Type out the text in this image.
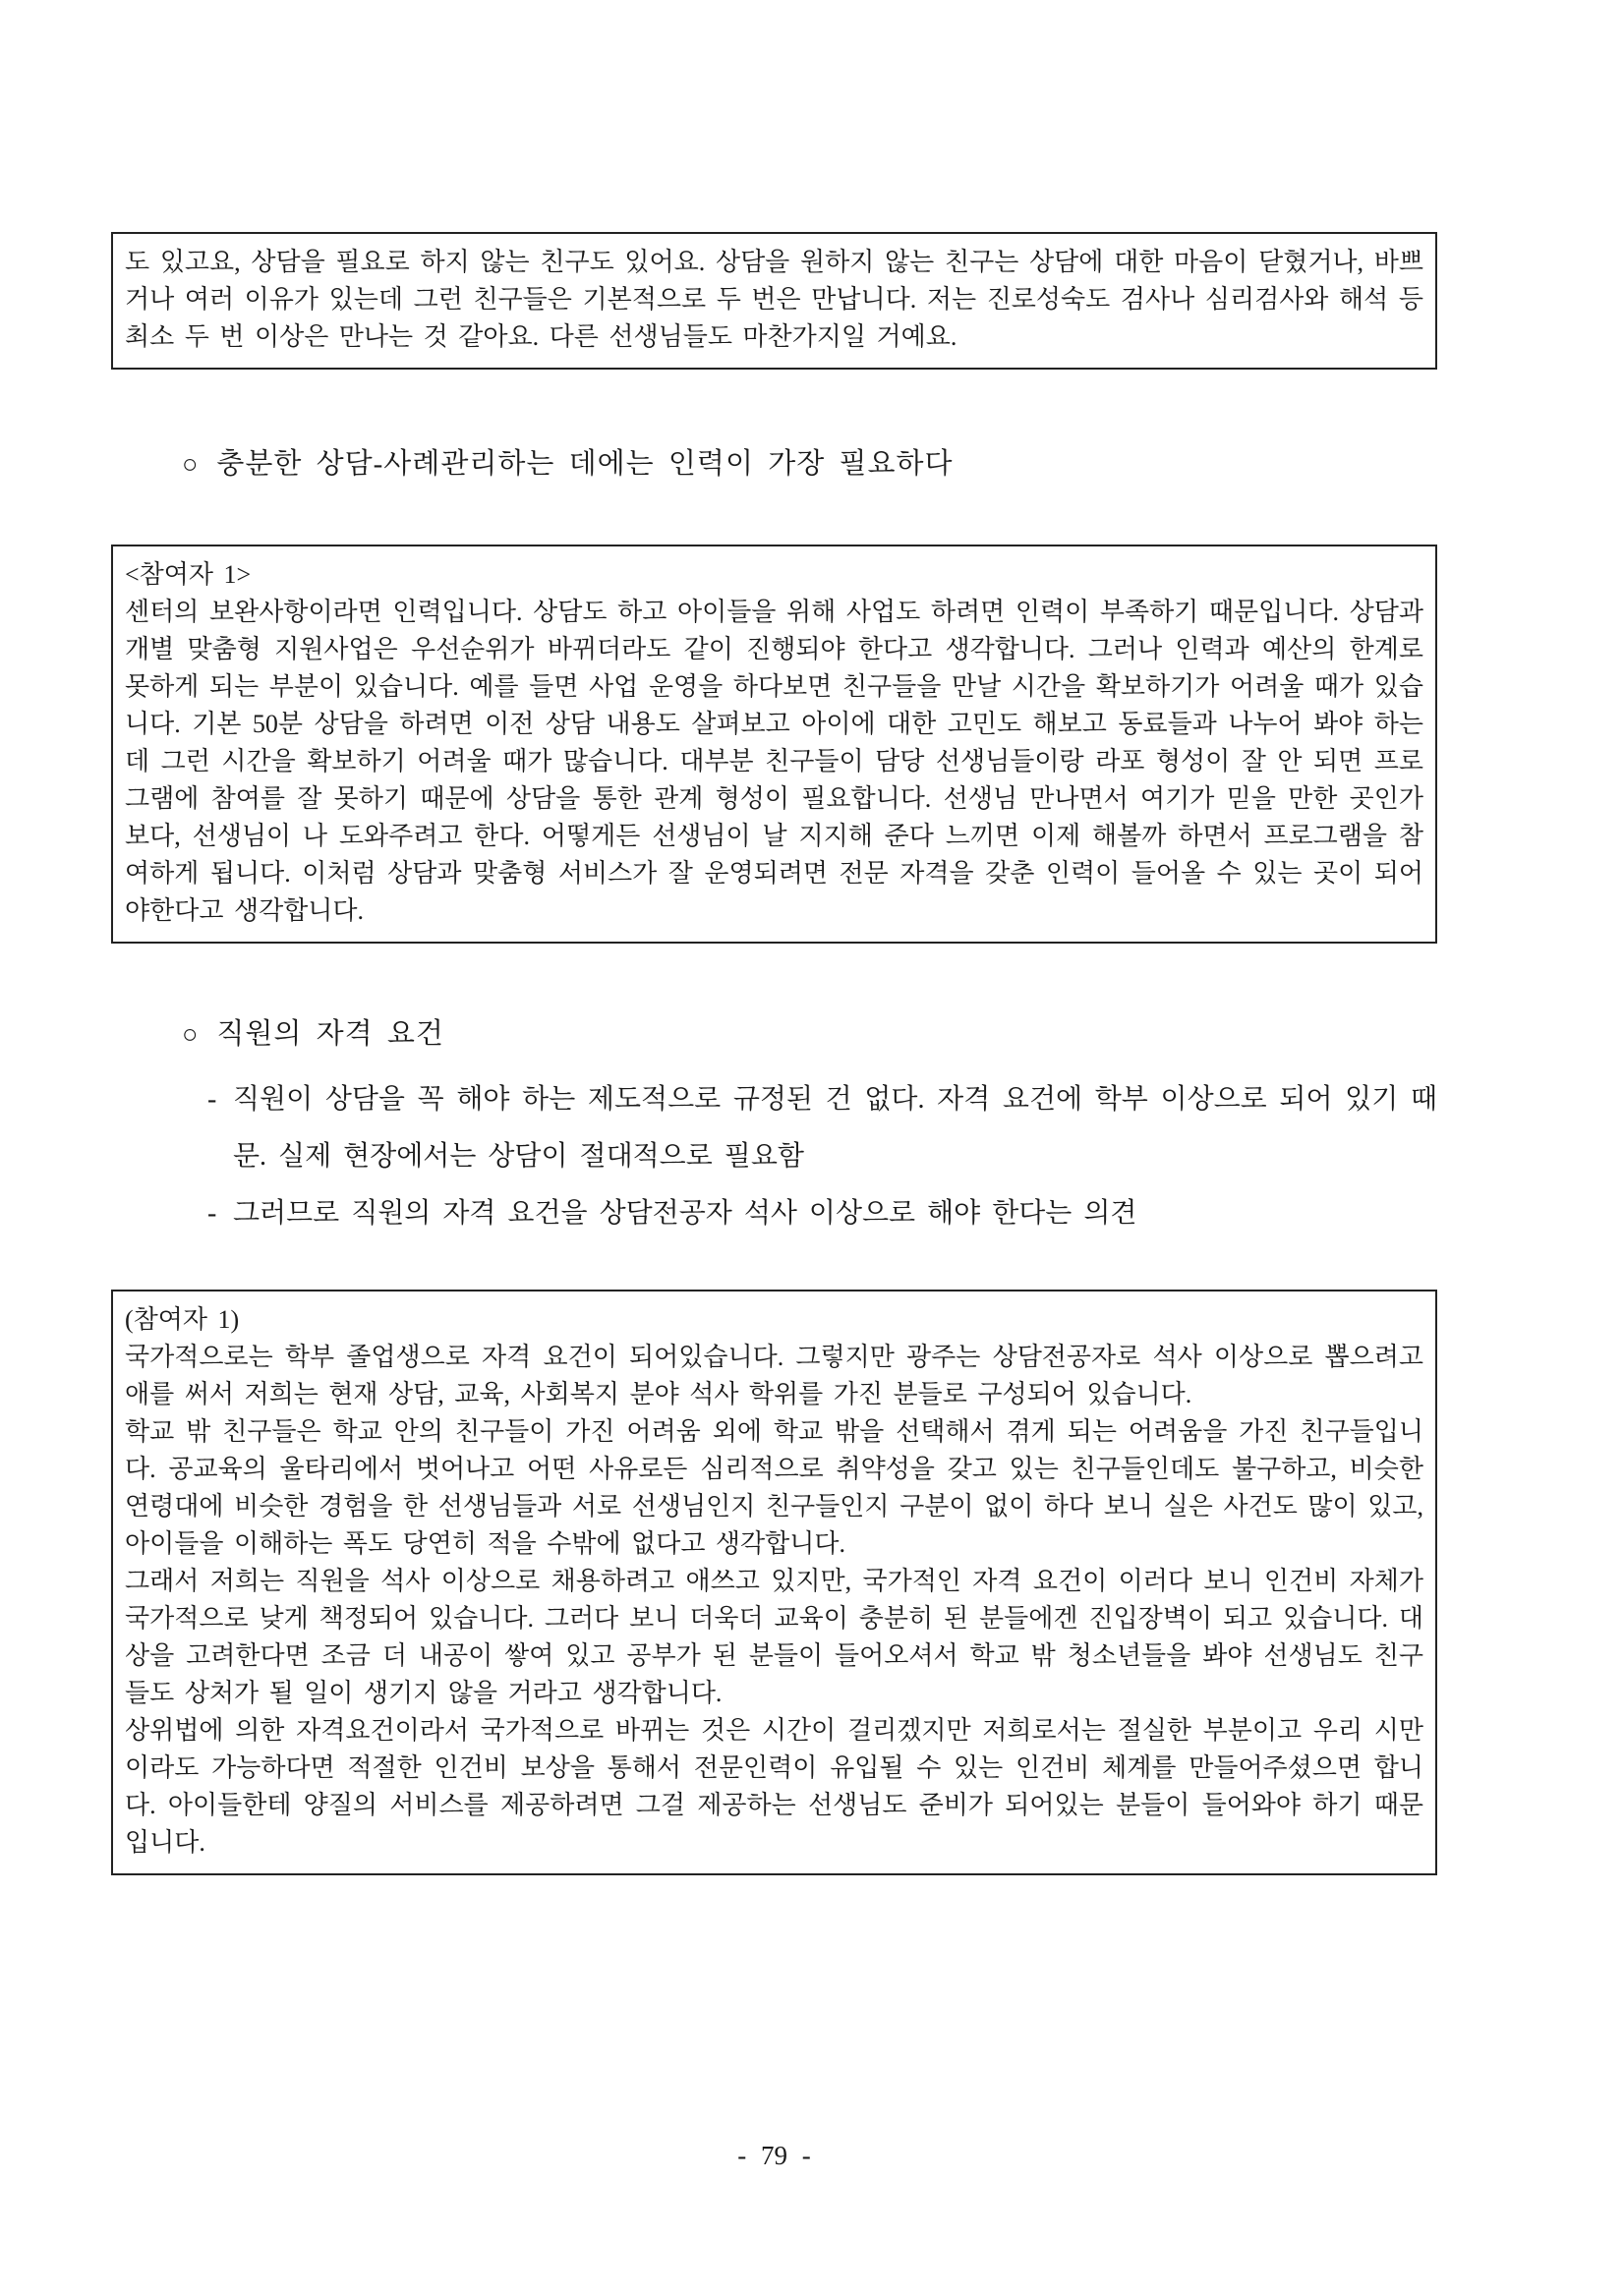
도 있고요, 상담을 필요로 하지 않는 친구도 있어요. 상담을 원하지 않는 친구는 상담에 대한 마음이 닫혔거나, 바쁘거나 여러 이유가 있는데 그런 친구들은 기본적으로 두 번은 만납니다. 저는 진로성숙도 검사나 심리검사와 해석 등 최소 두 번 이상은 만나는 것 같아요. 다른 선생님들도 마찬가지일 거예요.

○ 충분한 상담-사례관리하는 데에는 인력이 가장 필요하다

<참여자 1>

센터의 보완사항이라면 인력입니다. 상담도 하고 아이들을 위해 사업도 하려면 인력이 부족하기 때문입니다. 상담과 개별 맞춤형 지원사업은 우선순위가 바뀌더라도 같이 진행되야 한다고 생각합니다. 그러나 인력과 예산의 한계로 못하게 되는 부분이 있습니다. 예를 들면 사업 운영을 하다보면 친구들을 만날 시간을 확보하기가 어려울 때가 있습니다. 기본 50분 상담을 하려면 이전 상담 내용도 살펴보고 아이에 대한 고민도 해보고 동료들과 나누어 봐야 하는데 그런 시간을 확보하기 어려울 때가 많습니다. 대부분 친구들이 담당 선생님들이랑 라포 형성이 잘 안 되면 프로그램에 참여를 잘 못하기 때문에 상담을 통한 관계 형성이 필요합니다. 선생님 만나면서 여기가 믿을 만한 곳인가 보다, 선생님이 나 도와주려고 한다. 어떻게든 선생님이 날 지지해 준다 느끼면 이제 해볼까 하면서 프로그램을 참여하게 됩니다. 이처럼 상담과 맞춤형 서비스가 잘 운영되려면 전문 자격을 갖춘 인력이 들어올 수 있는 곳이 되어야한다고 생각합니다.

○ 직원의 자격 요건
- 직원이 상담을 꼭 해야 하는 제도적으로 규정된 건 없다. 자격 요건에 학부 이상으로 되어 있기 때문. 실제 현장에서는 상담이 절대적으로 필요함
- 그러므로 직원의 자격 요건을 상담전공자 석사 이상으로 해야 한다는 의견

(참여자 1)

국가적으로는 학부 졸업생으로 자격 요건이 되어있습니다. 그렇지만 광주는 상담전공자로 석사 이상으로 뽑으려고 애를 써서 저희는 현재 상담, 교육, 사회복지 분야 석사 학위를 가진 분들로 구성되어 있습니다.

학교 밖 친구들은 학교 안의 친구들이 가진 어려움 외에 학교 밖을 선택해서 겪게 되는 어려움을 가진 친구들입니다. 공교육의 울타리에서 벗어나고 어떤 사유로든 심리적으로 취약성을 갖고 있는 친구들인데도 불구하고, 비슷한 연령대에 비슷한 경험을 한 선생님들과 서로 선생님인지 친구들인지 구분이 없이 하다 보니 실은 사건도 많이 있고, 아이들을 이해하는 폭도 당연히 적을 수밖에 없다고 생각합니다.

그래서 저희는 직원을 석사 이상으로 채용하려고 애쓰고 있지만, 국가적인 자격 요건이 이러다 보니 인건비 자체가 국가적으로 낮게 책정되어 있습니다. 그러다 보니 더욱더 교육이 충분히 된 분들에겐 진입장벽이 되고 있습니다. 대상을 고려한다면 조금 더 내공이 쌓여 있고 공부가 된 분들이 들어오셔서 학교 밖 청소년들을 봐야 선생님도 친구들도 상처가 될 일이 생기지 않을 거라고 생각합니다.

상위법에 의한 자격요건이라서 국가적으로 바뀌는 것은 시간이 걸리겠지만 저희로서는 절실한 부분이고 우리 시만이라도 가능하다면 적절한 인건비 보상을 통해서 전문인력이 유입될 수 있는 인건비 체계를 만들어주셨으면 합니다. 아이들한테 양질의 서비스를 제공하려면 그걸 제공하는 선생님도 준비가 되어있는 분들이 들어와야 하기 때문입니다.

- 79 -
